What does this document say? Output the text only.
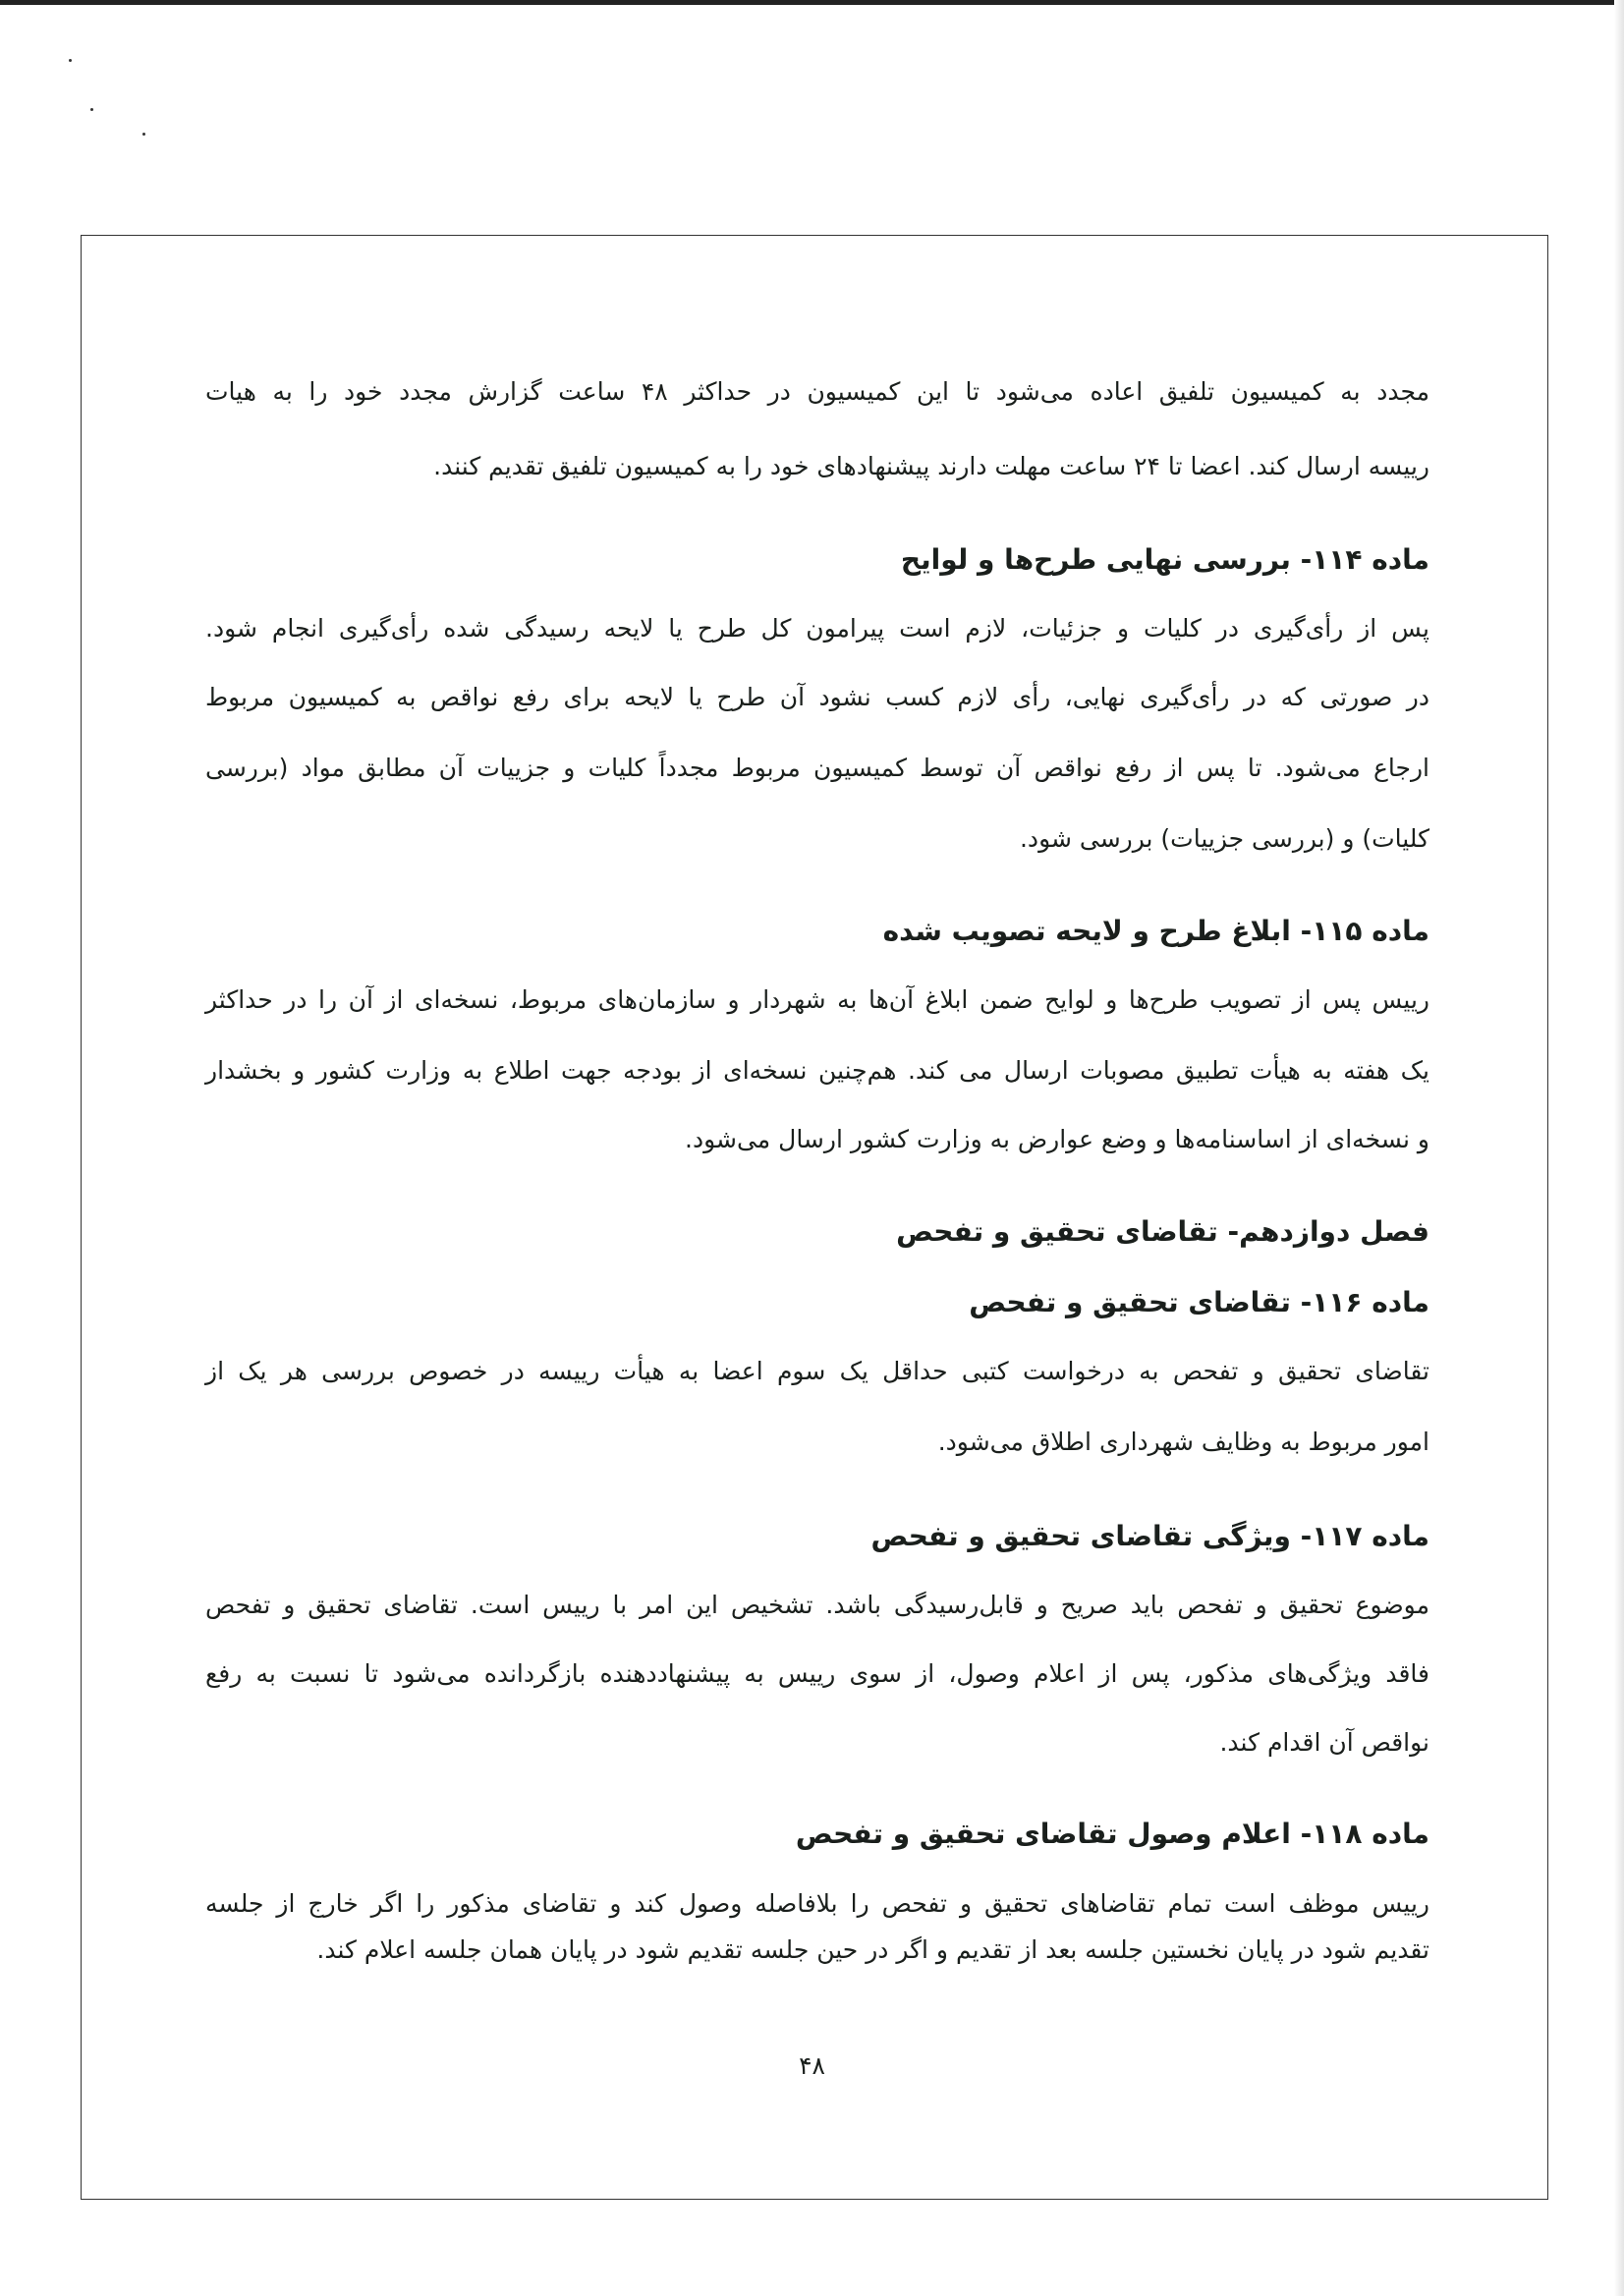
مجدد به کمیسیون تلفیق اعاده می‌شود تا این کمیسیون در حداکثر ۴۸ ساعت گزارش مجدد خود را به هیات
رییسه ارسال کند. اعضا تا ۲۴ ساعت مهلت دارند پیشنهادهای خود را به کمیسیون تلفیق تقدیم کنند.
ماده ۱۱۴- بررسی نهایی طرح‌ها و لوایح
پس از رأی‌گیری در کلیات و جزئیات، لازم است پیرامون کل طرح یا لایحه رسیدگی شده رأی‌گیری انجام شود.
در صورتی که در رأی‌گیری نهایی، رأی لازم کسب نشود آن طرح یا لایحه برای رفع نواقص به کمیسیون مربوط
ارجاع می‌شود. تا پس از رفع نواقص آن توسط کمیسیون مربوط مجدداً کلیات و جزییات آن مطابق مواد (بررسی
کلیات) و (بررسی جزییات) بررسی شود.
ماده ۱۱۵- ابلاغ طرح و لایحه تصویب شده
رییس پس از تصویب طرح‌ها و لوایح ضمن ابلاغ آن‌ها به شهردار و سازمان‌های مربوط، نسخه‌ای از آن را در حداکثر
یک هفته به هیأت تطبیق مصوبات ارسال می کند. هم‌چنین نسخه‌ای از بودجه جهت اطلاع به وزارت کشور و بخشدار
و نسخه‌ای از اساسنامه‌ها و وضع عوارض به وزارت کشور ارسال می‌شود.
فصل دوازدهم- تقاضای تحقیق و تفحص
ماده ۱۱۶- تقاضای تحقیق و تفحص
تقاضای تحقیق و تفحص به درخواست کتبی حداقل یک سوم اعضا به هیأت رییسه در خصوص بررسی هر یک از
امور مربوط به وظایف شهرداری اطلاق می‌شود.
ماده ۱۱۷- ویژگی تقاضای تحقیق و تفحص
موضوع تحقیق و تفحص باید صریح و قابل‌رسیدگی باشد. تشخیص این امر با رییس است. تقاضای تحقیق و تفحص
فاقد ویژگی‌های مذکور، پس از اعلام وصول، از سوی رییس به پیشنهاددهنده بازگردانده می‌شود تا نسبت به رفع
نواقص آن اقدام کند.
ماده ۱۱۸- اعلام وصول تقاضای تحقیق و تفحص
رییس موظف است تمام تقاضاهای تحقیق و تفحص را بلافاصله وصول کند و تقاضای مذکور را اگر خارج از جلسه
تقدیم شود در پایان نخستین جلسه بعد از تقدیم و اگر در حین جلسه تقدیم شود در پایان همان جلسه اعلام کند.
۴۸
